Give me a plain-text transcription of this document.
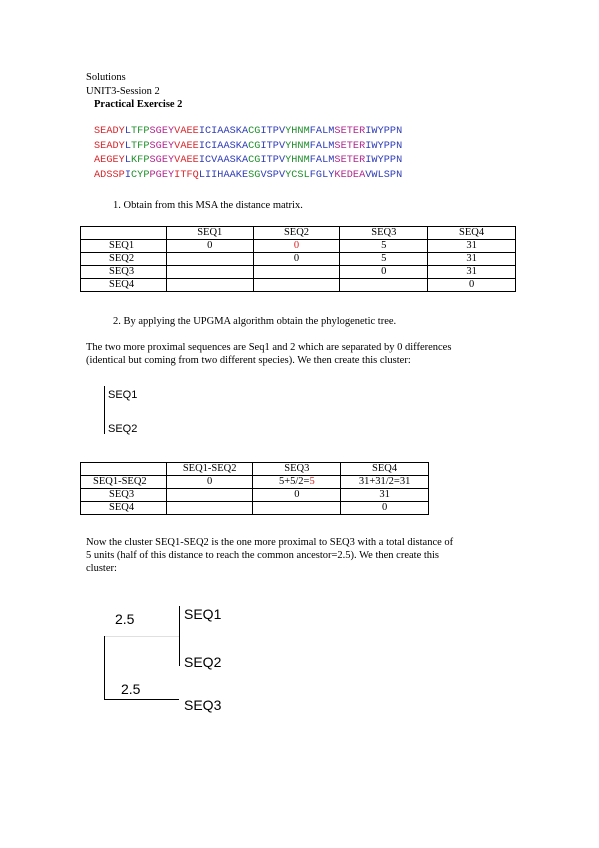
Solutions
UNIT3-Session 2
Practical Exercise 2
SEADYLTFPSGEYVAEEICIAASKACGITPVYHNMFALMSETERIWYPPN
SEADYLTFPSGEYVAEEICIAASKACGITPVYHNMFALMSETERIWYPPN
AEGEYLKFPSGEYVAEEICVAASKACGITPVYHNMFALMSETERIWYPPN
ADSSPICYPPGEYITFQLIIHAAKESGVSPVYCSLFGLYKEDEAVWLSPN
1. Obtain from this MSA the distance matrix.
	SEQ1	SEQ2	SEQ3	SEQ4
SEQ1	0	0	5	31
SEQ2		0	5	31
SEQ3			0	31
SEQ4				0
2. By applying the UPGMA algorithm obtain the phylogenetic tree.
The two more proximal sequences are Seq1 and 2 which are separated by 0 differences
(identical but coming from two different species). We then create this cluster:
SEQ1
SEQ2
	SEQ1-SEQ2	SEQ3	SEQ4
SEQ1-SEQ2	0	5+5/2=5	31+31/2=31
SEQ3		0	31
SEQ4			0
Now the cluster SEQ1-SEQ2 is the one more proximal to SEQ3 with a total distance of
5 units (half of this distance to reach the common ancestor=2.5). We then create this
cluster:
2.5	SEQ1
SEQ2
2.5
SEQ3
